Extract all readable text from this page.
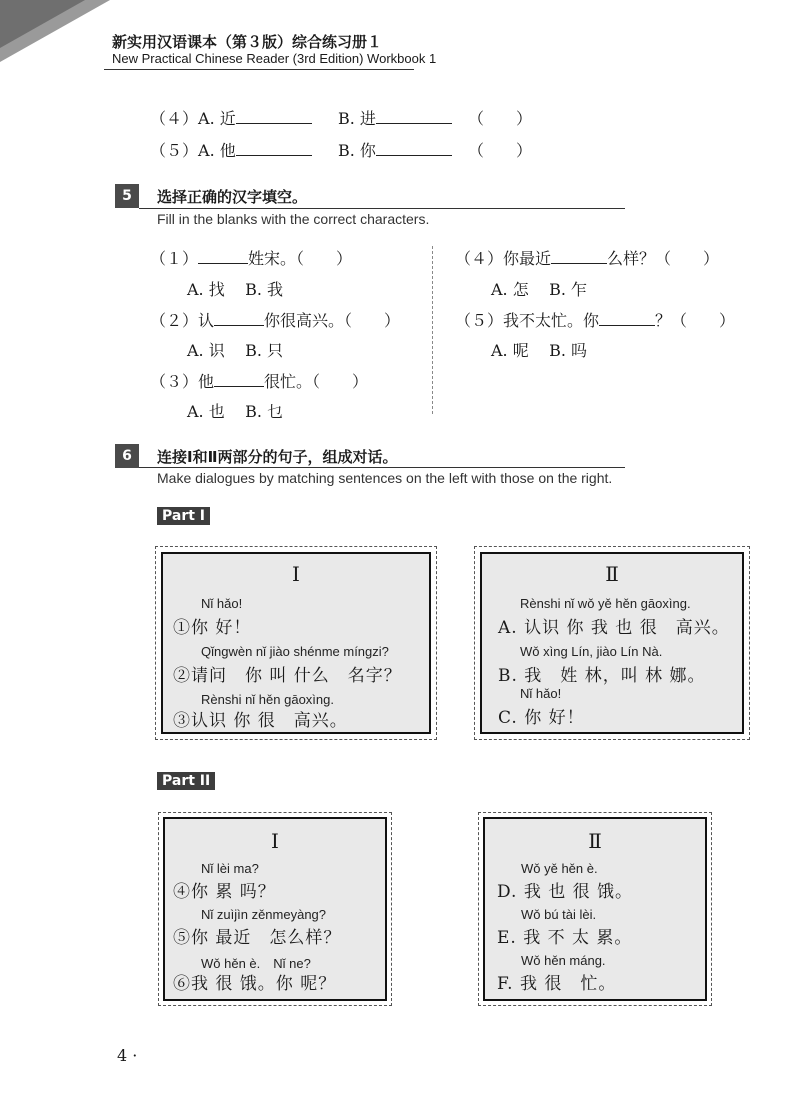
新实用汉语课本（第３版）综合练习册１
New Practical Chinese Reader (3rd Edition) Workbook 1
（４）A. 近	B. 进	（　　）
（５）A. 他	B. 你	（　　）
5	选择正确的汉字填空。
Fill in the blanks with the correct characters.
（１）	姓宋。（　　）
A. 找 B. 我
（２）认	你很高兴。（　　）
A. 识 B. 只
（３）他	很忙。（　　）
A. 也 B. 乜
（４）你最近	么样？（　　）
A. 怎 B. 乍
（５）我不太忙。你	？（　　）
A. 呢 B. 吗
6	连接Ⅰ和Ⅱ两部分的句子，组成对话。
Make dialogues by matching sentences on the left with those on the right.
Part I
Ⅰ
Nǐ hǎo!
①你 好！
Qǐngwèn nǐ jiào shénme míngzi?
②请问　你 叫 什么　名字？
Rènshi nǐ hěn gāoxìng.
③认识 你 很　高兴。
Ⅱ
Rènshi nǐ wǒ yě hěn gāoxìng.
A. 认识 你 我 也 很　高兴。
Wǒ xìng Lín, jiào Lín Nà.
B. 我　姓 林，叫 林 娜。
Nǐ hǎo!
C. 你 好！
Part II
Ⅰ
Nǐ lèi ma?
④你 累 吗？
Nǐ zuìjìn zěnmeyàng?
⑤你 最近　怎么样？
Wǒ hěn è.　Nǐ ne?
⑥我 很 饿。你 呢？
Ⅱ
Wǒ yě hěn è.
D. 我 也 很 饿。
Wǒ bú tài lèi.
E. 我 不 太 累。
Wǒ hěn máng.
F. 我 很　忙。
4 ·
